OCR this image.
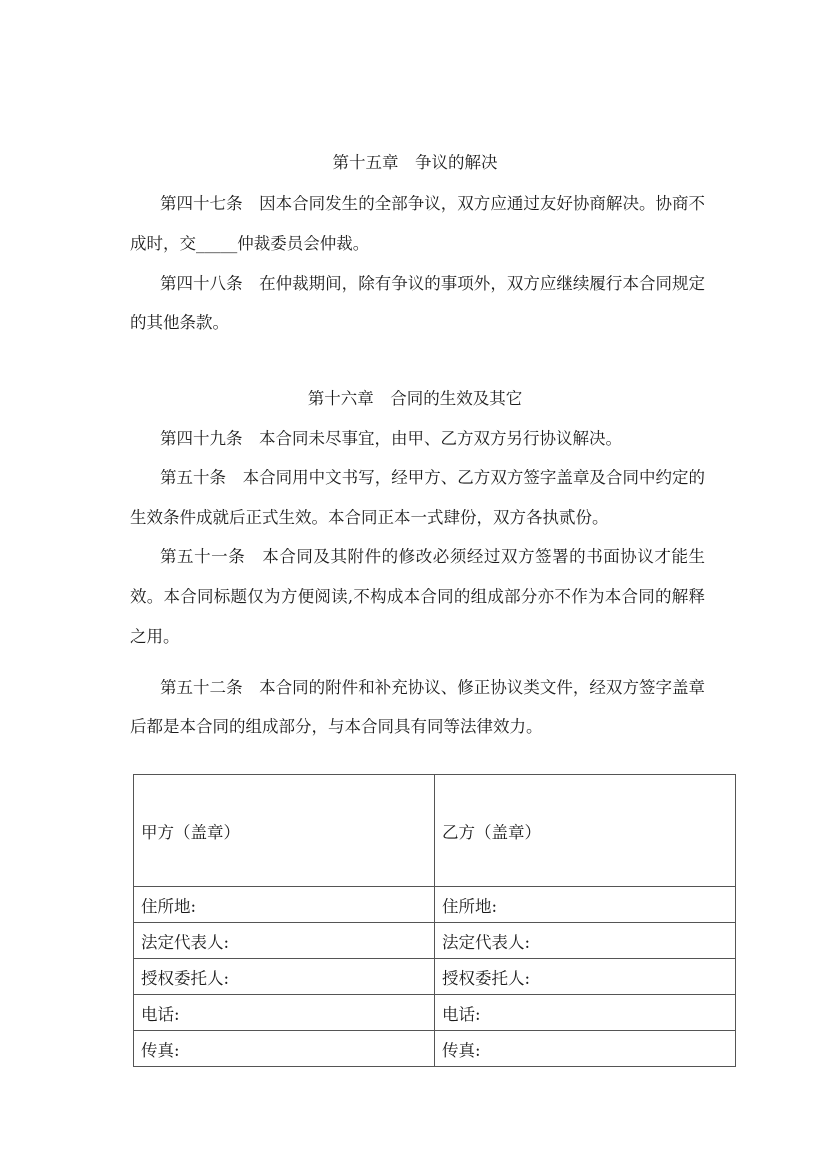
第十五章　争议的解决
第四十七条　因本合同发生的全部争议，双方应通过友好协商解决。协商不
成时，交_____仲裁委员会仲裁。
第四十八条　在仲裁期间，除有争议的事项外，双方应继续履行本合同规定
的其他条款。
第十六章　合同的生效及其它
第四十九条　本合同未尽事宜，由甲、乙方双方另行协议解决。
第五十条　本合同用中文书写，经甲方、乙方双方签字盖章及合同中约定的
生效条件成就后正式生效。本合同正本一式肆份，双方各执贰份。
第五十一条　本合同及其附件的修改必须经过双方签署的书面协议才能生
效。本合同标题仅为方便阅读,不构成本合同的组成部分亦不作为本合同的解释
之用。
第五十二条　本合同的附件和补充协议、修正协议类文件，经双方签字盖章
后都是本合同的组成部分，与本合同具有同等法律效力。
甲方（盖章）	乙方（盖章）
住所地:	住所地:
法定代表人:	法定代表人:
授权委托人:	授权委托人:
电话:	电话:
传真:	传真:
